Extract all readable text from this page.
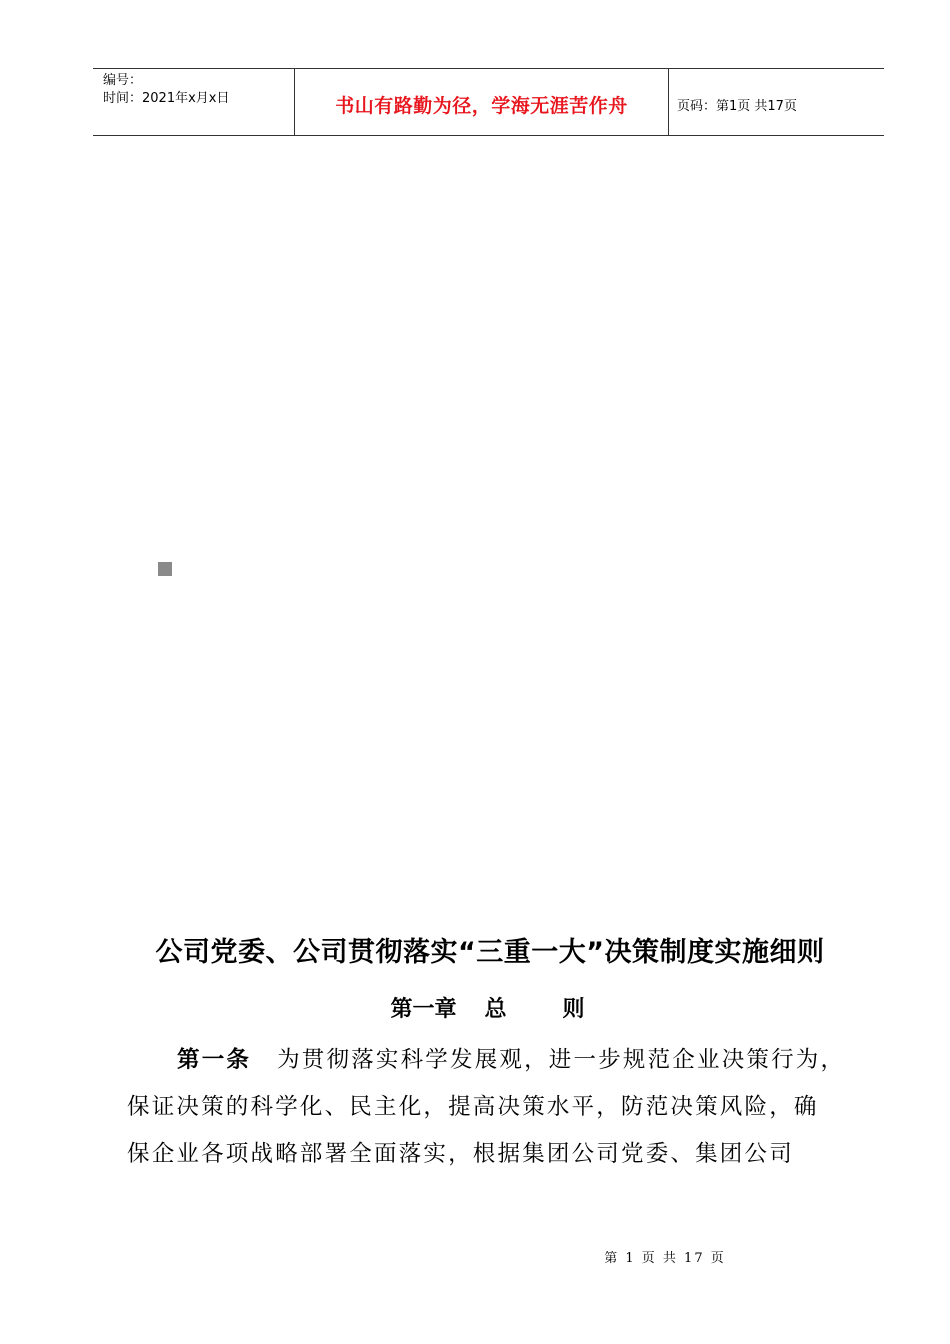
编号：
时间：2021年x月x日	书山有路勤为径，学海无涯苦作舟	页码：第1页 共17页
公司党委、公司贯彻落实“三重一大”决策制度实施细则
第一章 总	则
第一条 为贯彻落实科学发展观，进一步规范企业决策行为，
保证决策的科学化、民主化，提高决策水平，防范决策风险，确
保企业各项战略部署全面落实，根据集团公司党委、集团公司
第 1 页 共 17 页
